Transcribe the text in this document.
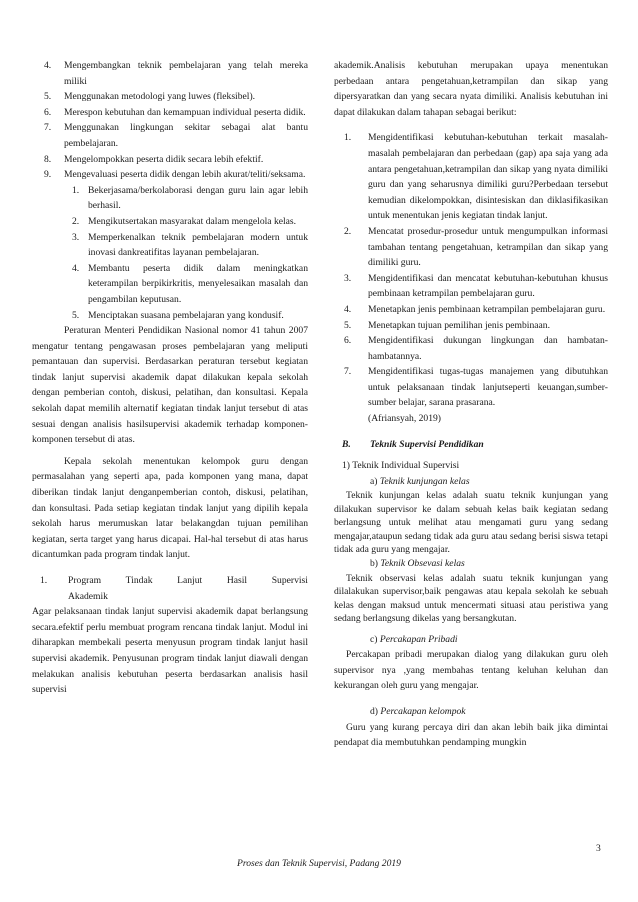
4.	Mengembangkan teknik pembelajaran yang telah mereka miliki
5.	Menggunakan metodologi yang luwes (fleksibel).
6.	Merespon kebutuhan dan kemampuan individual peserta didik.
7.	Menggunakan lingkungan sekitar sebagai alat bantu pembelajaran.
8.	Mengelompokkan peserta didik secara lebih efektif.
9.	Mengevaluasi peserta didik dengan lebih akurat/teliti/seksama.
1. Bekerjasama/berkolaborasi dengan guru lain agar lebih berhasil.
2. Mengikutsertakan masyarakat dalam mengelola kelas.
3. Memperkenalkan teknik pembelajaran modern untuk inovasi dankreatifitas layanan pembelajaran.
4. Membantu peserta didik dalam meningkatkan keterampilan berpikirkritis, menyelesaikan masalah dan pengambilan keputusan.
5. Menciptakan suasana pembelajaran yang kondusif.

Peraturan Menteri Pendidikan Nasional nomor 41 tahun 2007 mengatur tentang pengawasan proses pembelajaran yang meliputi pemantauan dan supervisi. Berdasarkan peraturan tersebut kegiatan tindak lanjut supervisi akademik dapat dilakukan kepala sekolah dengan pemberian contoh, diskusi, pelatihan, dan konsultasi. Kepala sekolah dapat memilih alternatif kegiatan tindak lanjut tersebut di atas sesuai dengan analisis hasilsupervisi akademik terhadap komponen-komponen tersebut di atas.

Kepala sekolah menentukan kelompok guru dengan permasalahan yang seperti apa, pada komponen yang mana, dapat diberikan tindak lanjut denganpemberian contoh, diskusi, pelatihan, dan konsultasi. Pada setiap kegiatan tindak lanjut yang dipilih kepala sekolah harus merumuskan latar belakangdan tujuan pemilihan kegiatan, serta target yang harus dicapai. Hal-hal tersebut di atas harus dicantumkan pada program tindak lanjut.

1.	Program	Tindak	Lanjut	Hasil	Supervisi
Akademik

Agar pelaksanaan tindak lanjut supervisi akademik dapat berlangsung secara.efektif perlu membuat program rencana tindak lanjut. Modul ini diharapkan membekali peserta menyusun program tindak lanjut hasil supervisi akademik. Penyusunan program tindak lanjut diawali dengan melakukan analisis kebutuhan peserta berdasarkan analisis hasil supervisi

akademik.Analisis kebutuhan merupakan upaya menentukan perbedaan antara pengetahuan,ketrampilan dan sikap yang dipersyaratkan dan yang secara nyata dimiliki. Analisis kebutuhan ini dapat dilakukan dalam tahapan sebagai berikut:

1.	Mengidentifikasi kebutuhan-kebutuhan terkait masalah-masalah pembelajaran dan perbedaan (gap) apa saja yang ada antara pengetahuan,ketrampilan dan sikap yang nyata dimiliki guru dan yang seharusnya dimiliki guru?Perbedaan tersebut kemudian dikelompokkan, disintesiskan dan diklasifikasikan untuk menentukan jenis kegiatan tindak lanjut.
2.	Mencatat prosedur-prosedur untuk mengumpulkan informasi tambahan tentang pengetahuan, ketrampilan dan sikap yang dimiliki guru.
3.	Mengidentifikasi dan mencatat kebutuhan-kebutuhan khusus pembinaan ketrampilan pembelajaran guru.
4.	Menetapkan jenis pembinaan ketrampilan pembelajaran guru.
5.	Menetapkan tujuan pemilihan jenis pembinaan.
6.	Mengidentifikasi dukungan lingkungan dan hambatan-hambatannya.
7.	Mengidentifikasi tugas-tugas manajemen yang dibutuhkan untuk pelaksanaan tindak lanjutseperti keuangan,sumber-sumber belajar, sarana prasarana.
(Afriansyah, 2019)
B.	Teknik Supervisi Pendidikan
1) Teknik Individual Supervisi
a) Teknik kunjungan kelas

Teknik kunjungan kelas adalah suatu teknik kunjungan yang dilakukan supervisor ke dalam sebuah kelas baik kegiatan sedang berlangsung untuk melihat atau mengamati guru yang sedang mengajar,ataupun sedang tidak ada guru atau sedang berisi siswa tetapi tidak ada guru yang mengajar.

b) Teknik Obsevasi kelas

Teknik observasi kelas adalah suatu teknik kunjungan yang dilalakukan supervisor,baik pengawas atau kepala sekolah ke sebuah kelas dengan maksud untuk mencermati situasi atau peristiwa yang sedang berlangsung dikelas yang bersangkutan.

c) Percakapan Pribadi

Percakapan pribadi merupakan dialog yang dilakukan guru oleh supervisor nya ,yang membahas tentang keluhan keluhan dan kekurangan oleh guru yang mengajar.

d) Percakapan kelompok

Guru yang kurang percaya diri dan akan lebih baik jika dimintai pendapat dia membutuhkan pendamping mungkin

3
Proses dan Teknik Supervisi, Padang 2019
